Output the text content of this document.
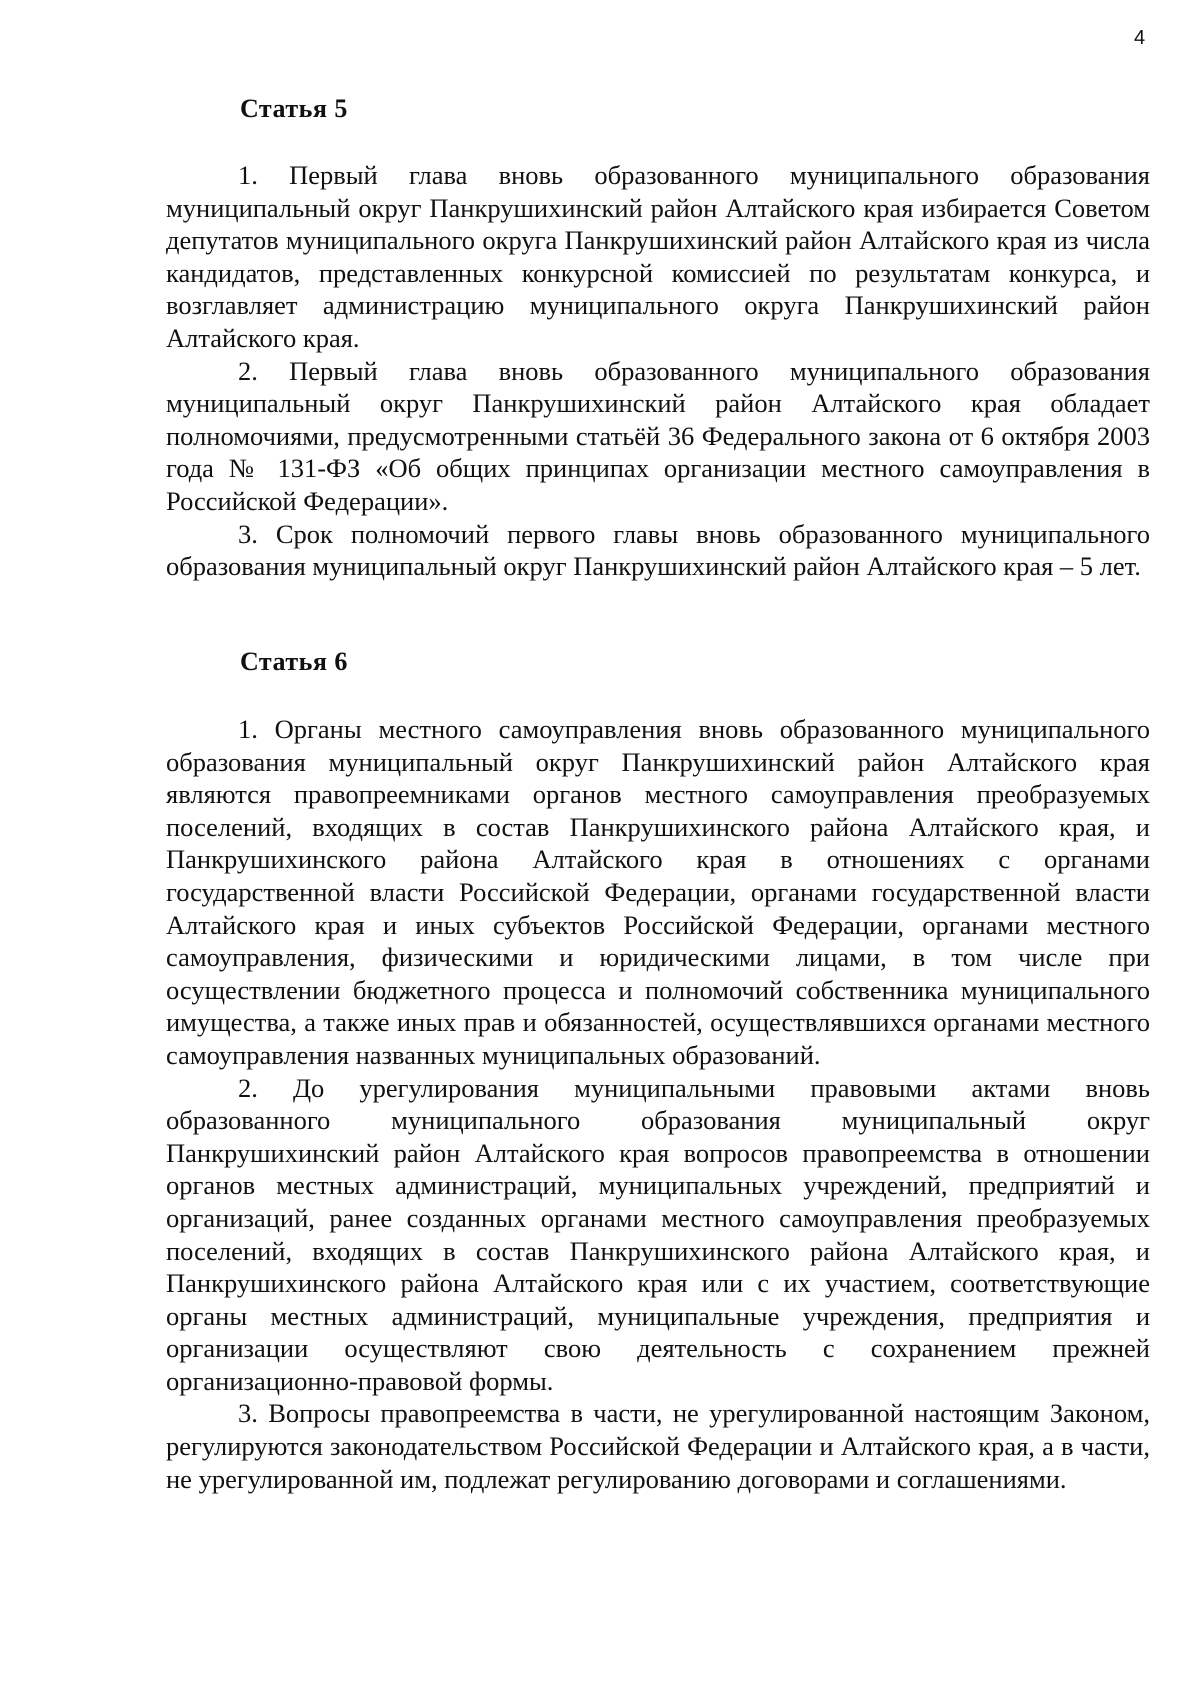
4
Статья 5

1. Первый глава вновь образованного муниципального образования муниципальный округ Панкрушихинский район Алтайского края избирается Советом депутатов муниципального округа Панкрушихинский район Алтайского края из числа кандидатов, представленных конкурсной комиссией по результатам конкурса, и возглавляет администрацию муниципального округа Панкрушихинский район Алтайского края.

2. Первый глава вновь образованного муниципального образования муниципальный округ Панкрушихинский район Алтайского края обладает полномочиями, предусмотренными статьёй 36 Федерального закона от 6 октября 2003 года № 131-ФЗ «Об общих принципах организации местного самоуправления в Российской Федерации».

3. Срок полномочий первого главы вновь образованного муниципального образования муниципальный округ Панкрушихинский район Алтайского края – 5 лет.

Статья 6

1. Органы местного самоуправления вновь образованного муниципального образования муниципальный округ Панкрушихинский район Алтайского края являются правопреемниками органов местного самоуправления преобразуемых поселений, входящих в состав Панкрушихинского района Алтайского края, и Панкрушихинского района Алтайского края в отношениях с органами государственной власти Российской Федерации, органами государственной власти Алтайского края и иных субъектов Российской Федерации, органами местного самоуправления, физическими и юридическими лицами, в том числе при осуществлении бюджетного процесса и полномочий собственника муниципального имущества, а также иных прав и обязанностей, осуществлявшихся органами местного самоуправления названных муниципальных образований.

2. До урегулирования муниципальными правовыми актами вновь образованного муниципального образования муниципальный округ Панкрушихинский район Алтайского края вопросов правопреемства в отношении органов местных администраций, муниципальных учреждений, предприятий и организаций, ранее созданных органами местного самоуправления преобразуемых поселений, входящих в состав Панкрушихинского района Алтайского края, и Панкрушихинского района Алтайского края или с их участием, соответствующие органы местных администраций, муниципальные учреждения, предприятия и организации осуществляют свою деятельность с сохранением прежней организационно-правовой формы.

3. Вопросы правопреемства в части, не урегулированной настоящим Законом, регулируются законодательством Российской Федерации и Алтайского края, а в части, не урегулированной им, подлежат регулированию договорами и соглашениями.
